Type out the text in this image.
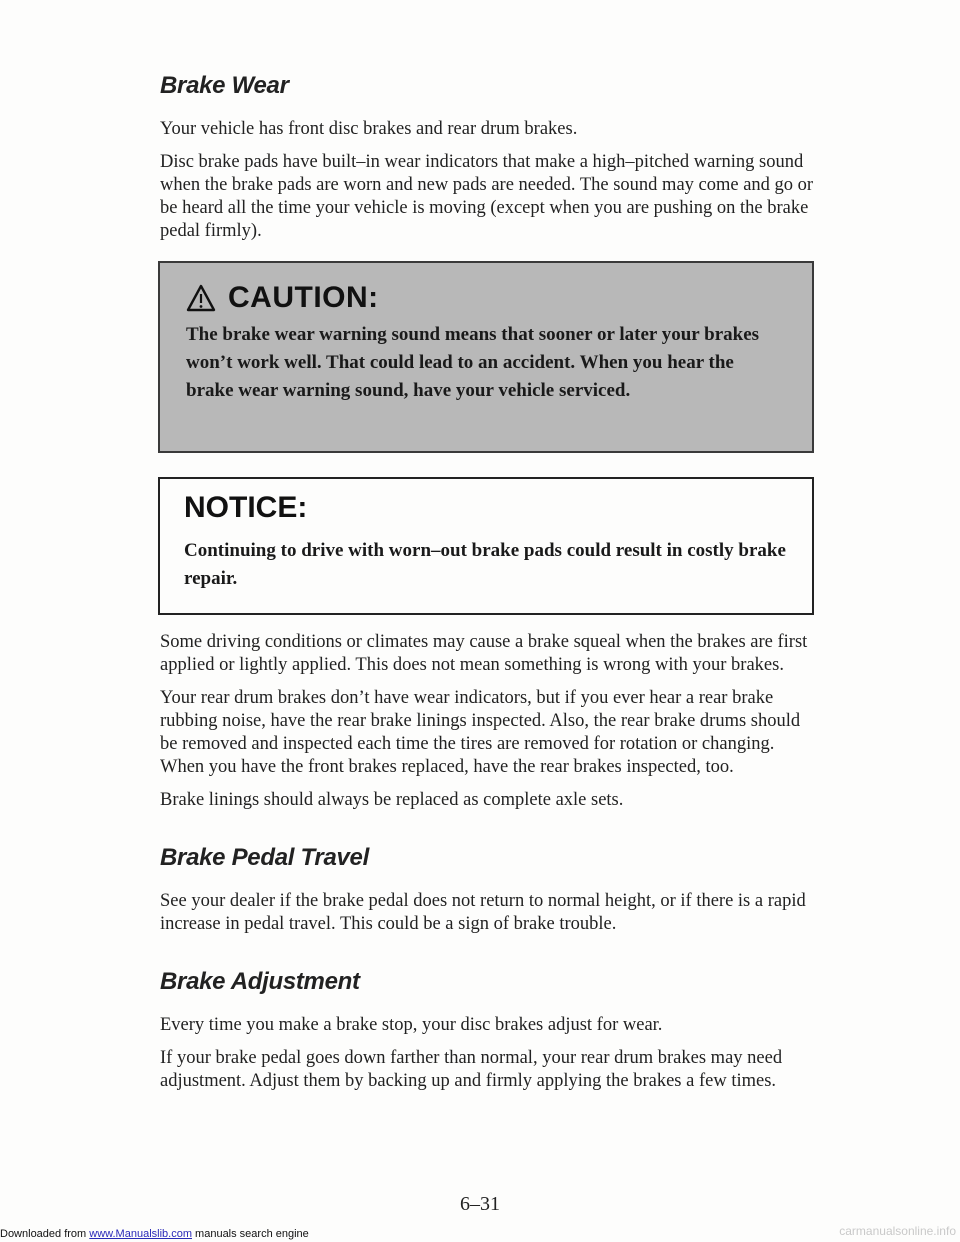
Brake Wear

Your vehicle has front disc brakes and rear drum brakes.

Disc brake pads have built–in wear indicators that make a high–pitched warning sound when the brake pads are worn and new pads are needed. The sound may come and go or be heard all the time your vehicle is moving (except when you are pushing on the brake pedal firmly).

CAUTION:

The brake wear warning sound means that sooner or later your brakes won’t work well. That could lead to an accident. When you hear the brake wear warning sound, have your vehicle serviced.

NOTICE:

Continuing to drive with worn–out brake pads could result in costly brake repair.

Some driving conditions or climates may cause a brake squeal when the brakes are first applied or lightly applied. This does not mean something is wrong with your brakes.

Your rear drum brakes don’t have wear indicators, but if you ever hear a rear brake rubbing noise, have the rear brake linings inspected. Also, the rear brake drums should be removed and inspected each time the tires are removed for rotation or changing. When you have the front brakes replaced, have the rear brakes inspected, too.

Brake linings should always be replaced as complete axle sets.

Brake Pedal Travel

See your dealer if the brake pedal does not return to normal height, or if there is a rapid increase in pedal travel. This could be a sign of brake trouble.

Brake Adjustment

Every time you make a brake stop, your disc brakes adjust for wear.

If your brake pedal goes down farther than normal, your rear drum brakes may need adjustment. Adjust them by backing up and firmly applying the brakes a few times.

6–31
Downloaded from www.Manualslib.com manuals search engine	carmanualsonline.info
